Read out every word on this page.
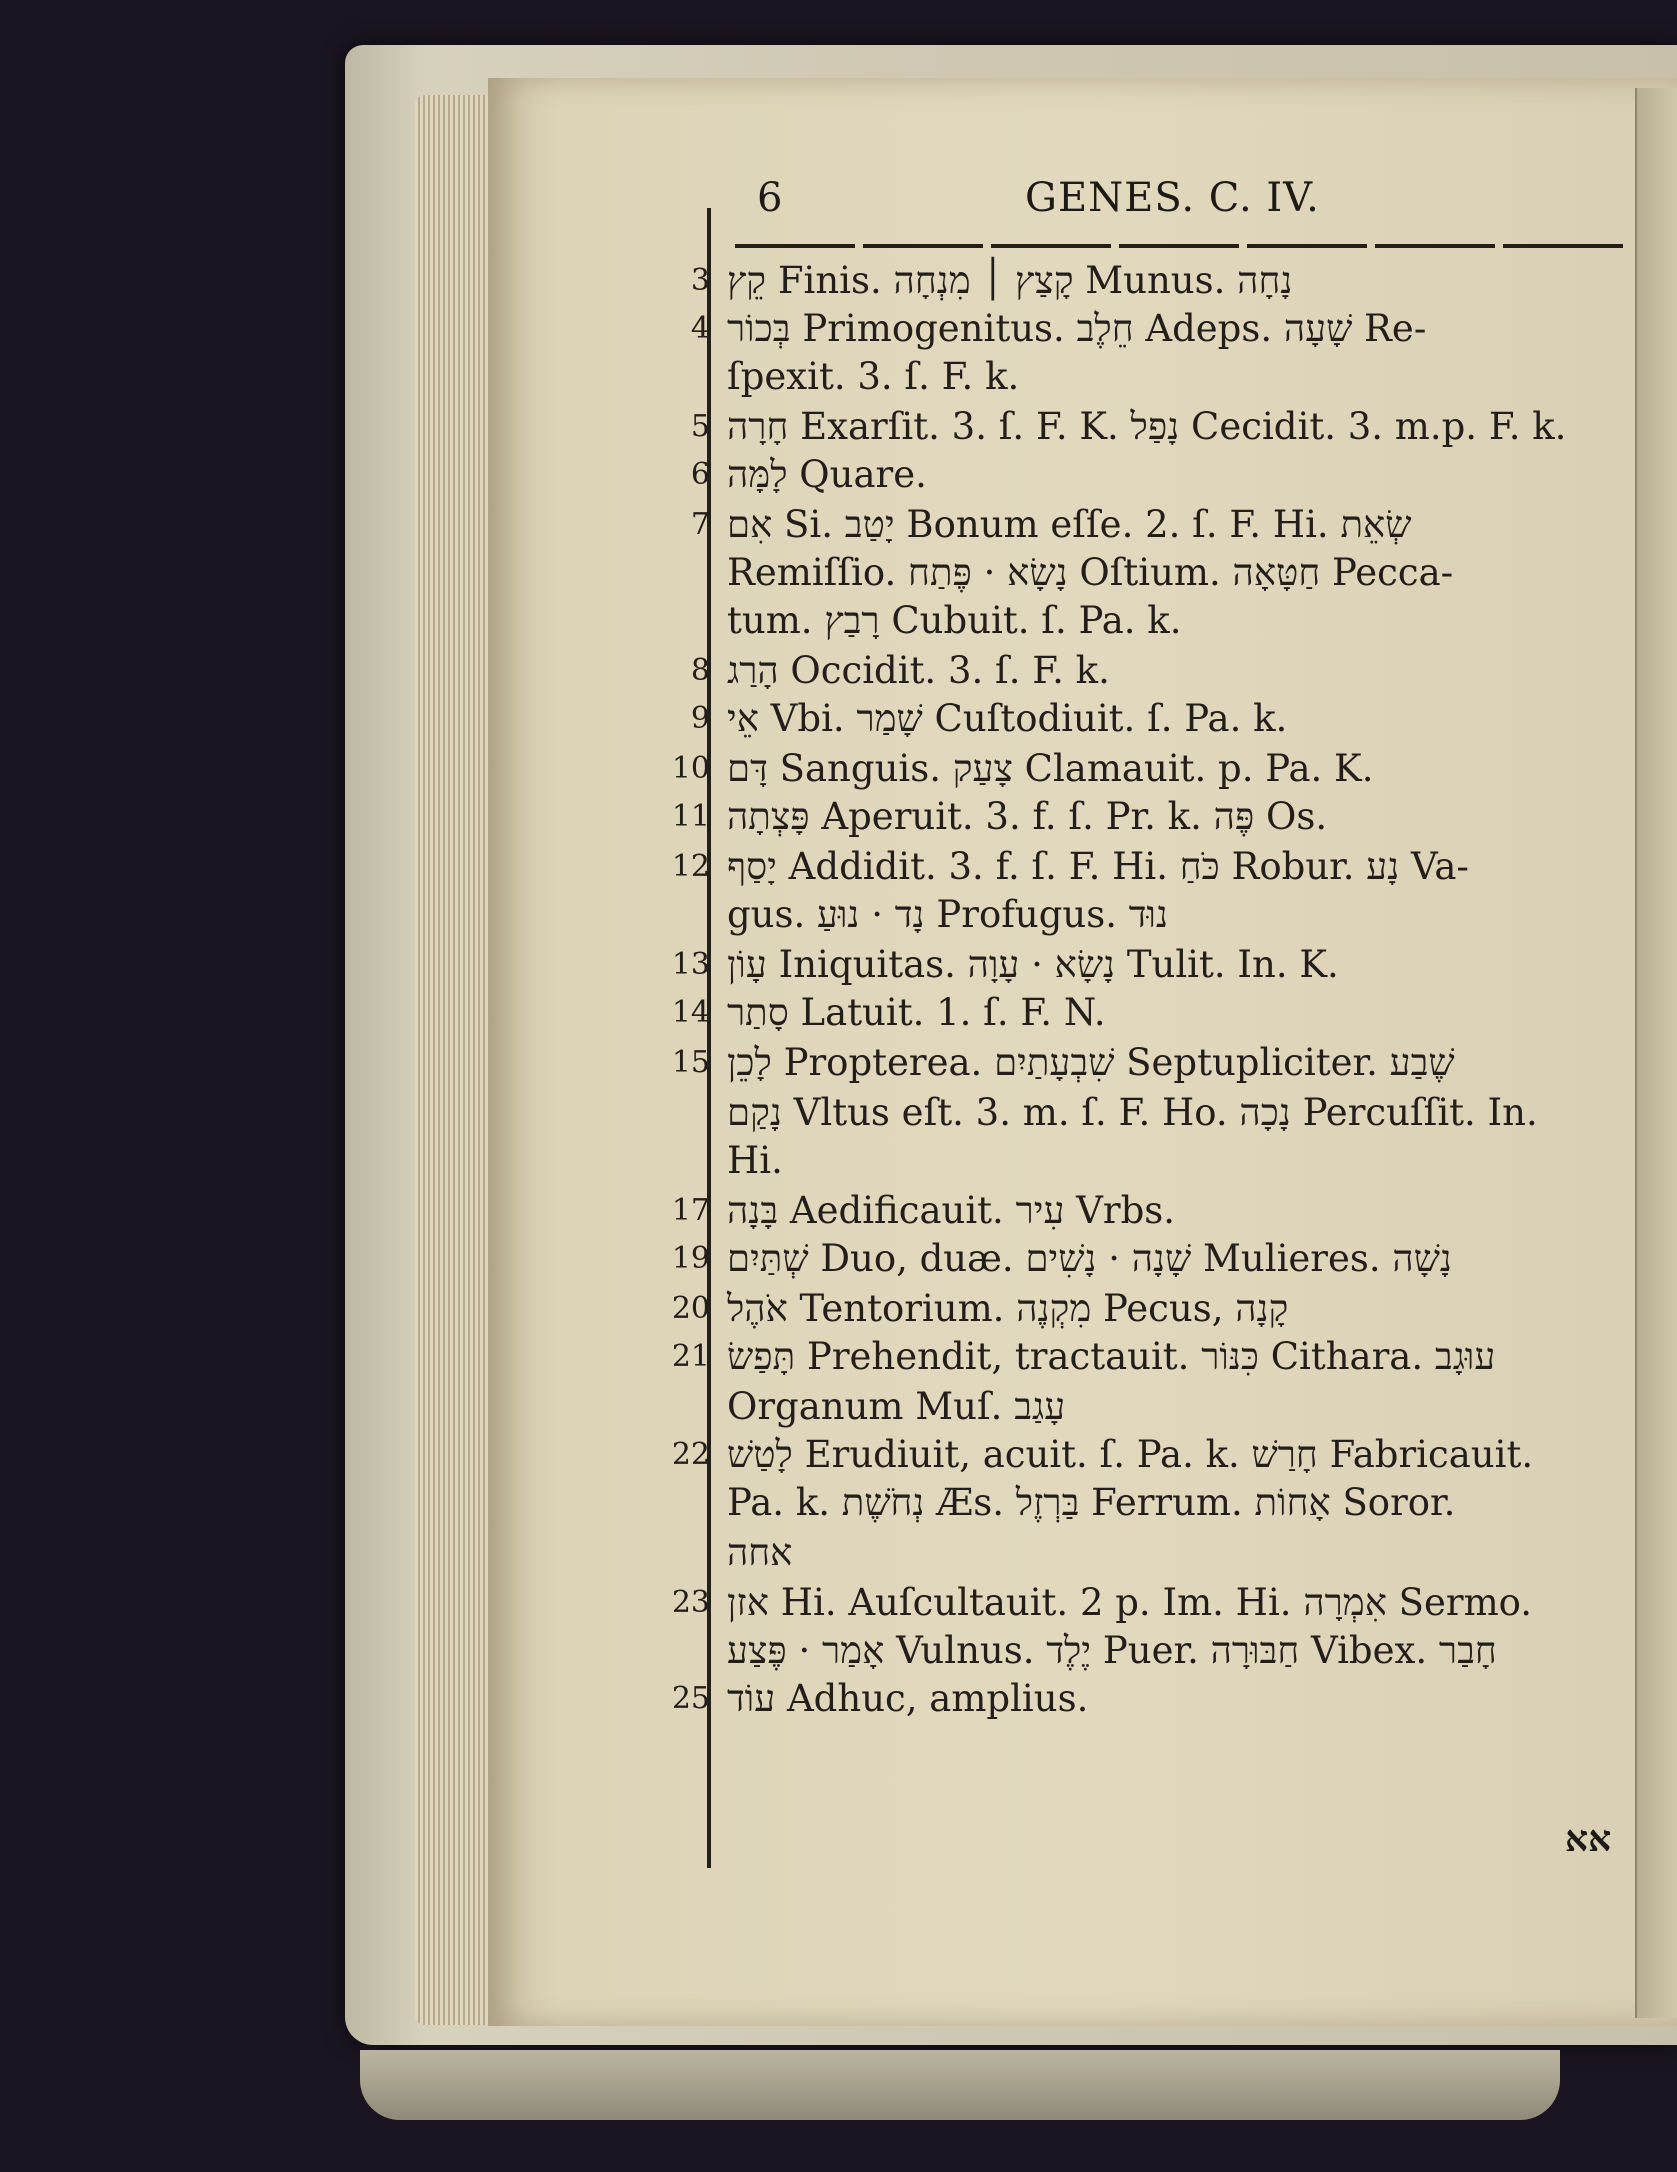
6	GENES. C. IV.
3 קֵץ Finis. קָצַץ ׀ מִנְחָה Munus. נָחָה
4 בְּכוֹר Primogenitus. חֵלֶב Adeps. שָׁעָה Re-
ſpexit. 3. ſ. F. k.
5 חָרָה Exarſit. 3. ſ. F. K. נָפַל Cecidit. 3. m.p. F. k.
6 לָמָּה Quare.
7 אִם Si. יָטַב Bonum eſſe. 2. ſ. F. Hi. שְׂאֵת
Remiſſio. נָשָׂא · פֶּתַח Oſtium. חַטָּאָה Pecca-
tum. רָבַץ Cubuit. ſ. Pa. k.
8 הָרַג Occidit. 3. ſ. F. k.
9 אֵי Vbi. שָׁמַר Cuſtodiuit. ſ. Pa. k.
10 דָּם Sanguis. צָעַק Clamauit. p. Pa. K.
11 פָּצְתָה Aperuit. 3. f. ſ. Pr. k. פֶּה Os.
12 יָסַף Addidit. 3. f. ſ. F. Hi. כֹּחַ Robur. נָע Va-
gus. נָד · נוּעַ Profugus. נוּד
13 עָוֹן Iniquitas. נָשָׂא · עָוָה Tulit. In. K.
14 סָתַר Latuit. 1. ſ. F. N.
15 לָכֵן Propterea. שִׁבְעָתַיִם Septupliciter. שֶׁבַע
נָקַם Vltus eſt. 3. m. ſ. F. Ho. נָכָה Percuſſit. In.
Hi.
17 בָּנָה Aedificauit. עִיר Vrbs.
19 שְׁתַּיִם Duo, duæ. שָׁנָה · נָשִׁים Mulieres. נָשָׁה
20 אֹהֶל Tentorium. מִקְנֶה Pecus, קָנָה
21 תָּפַשׂ Prehendit, tractauit. כִּנּוֹר Cithara. עוּגָב
Organum Muſ. עָגַב
22 לָטַשׁ Erudiuit, acuit. ſ. Pa. k. חָרַשׁ Fabricauit.
Pa. k. נְחֹשֶׁת Æs. בַּרְזֶל Ferrum. אָחוֹת Soror.
אחה
23 אזן Hi. Auſcultauit. 2 p. Im. Hi. אִמְרָה Sermo.
אָמַר · פֶּצַע Vulnus. יֶלֶד Puer. חַבּוּרָה Vibex. חָבַר
25 עוֹד Adhuc, amplius.
אא
